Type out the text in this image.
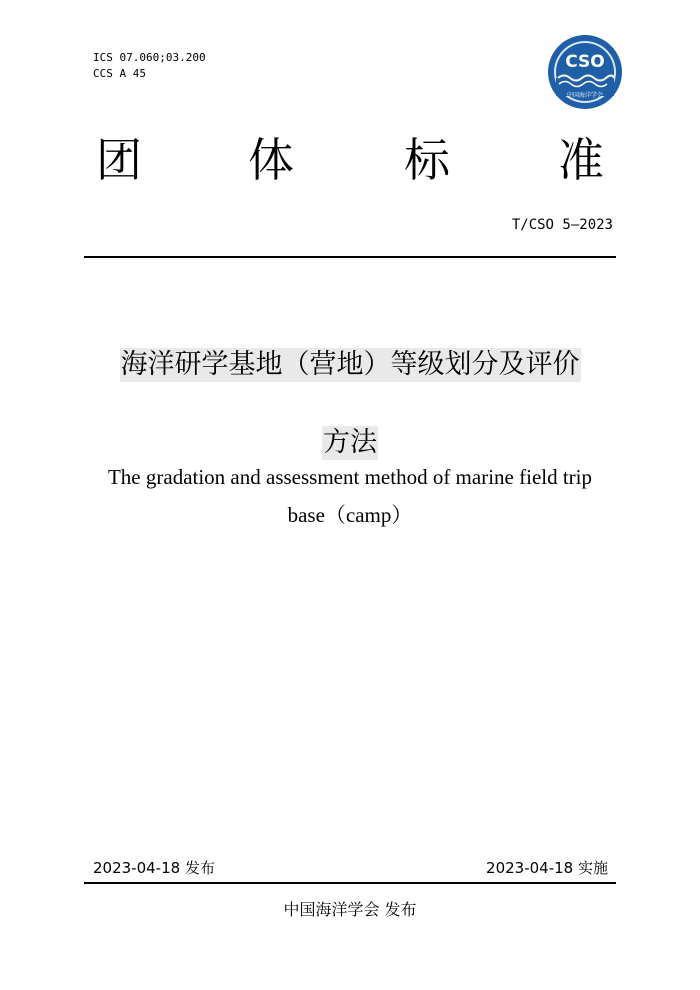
ICS 07.060;03.200
CCS A 45
CSO
中国海洋学会
团 体 标 准
T/CSO 5—2023
海洋研学基地（营地）等级划分及评价
方法
The gradation and assessment method of marine field trip
base（camp）
2023-04-18 发布	2023-04-18 实施
中国海洋学会 发布
